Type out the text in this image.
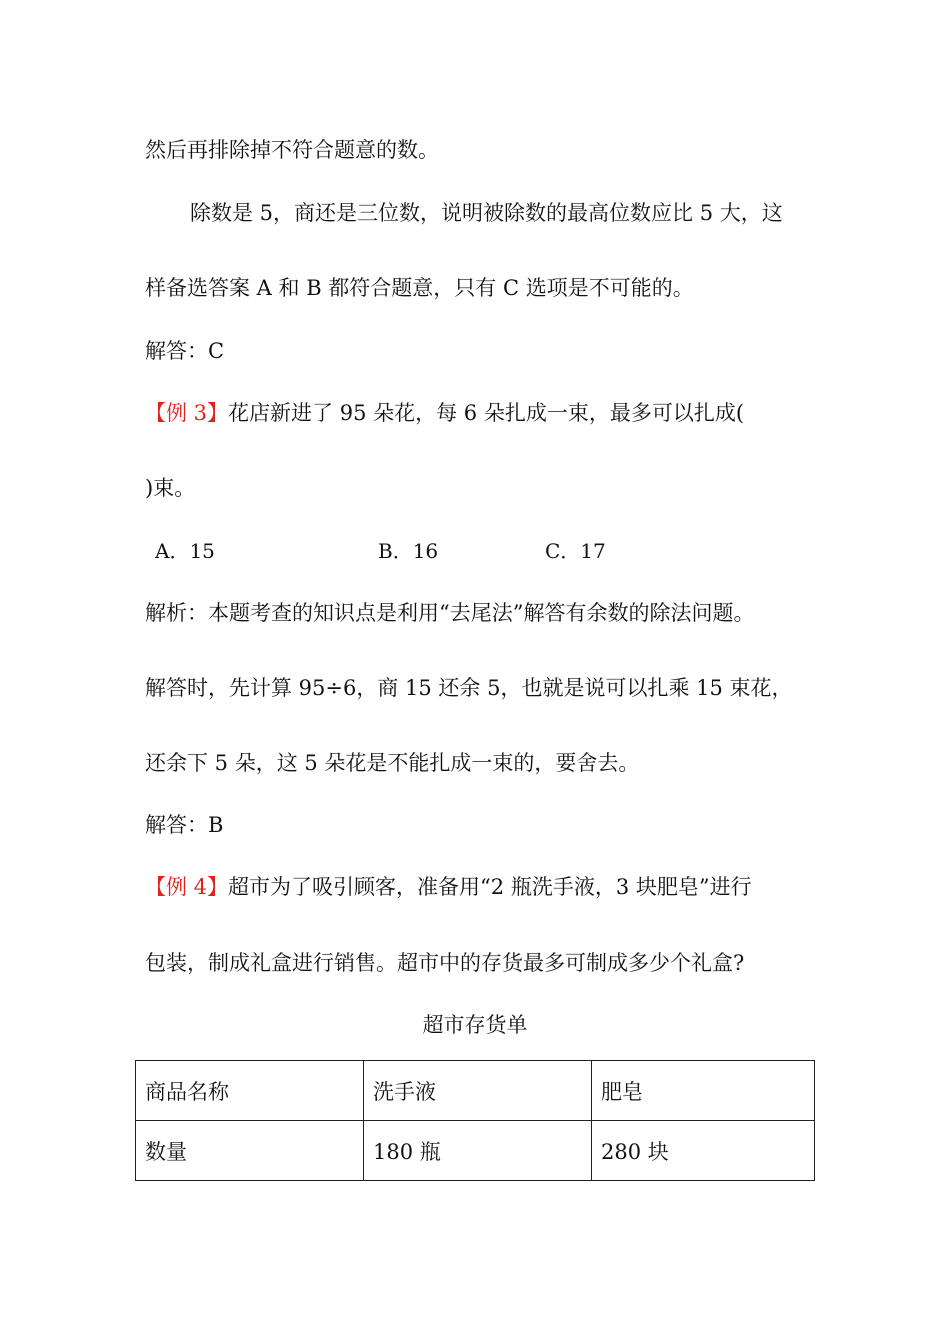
然后再排除掉不符合题意的数。
除数是 5，商还是三位数，说明被除数的最高位数应比 5 大，这
样备选答案 A 和 B 都符合题意，只有 C 选项是不可能的。
解答：C
【例 3】花店新进了 95 朵花，每 6 朵扎成一束，最多可以扎成(
)束。
A．15	B．16	C．17
解析：本题考查的知识点是利用“去尾法”解答有余数的除法问题。
解答时，先计算 95÷6，商 15 还余 5，也就是说可以扎乘 15 束花，
还余下 5 朵，这 5 朵花是不能扎成一束的，要舍去。
解答：B
【例 4】超市为了吸引顾客，准备用“2 瓶洗手液，3 块肥皂”进行
包装，制成礼盒进行销售。超市中的存货最多可制成多少个礼盒?
超市存货单
商品名称	洗手液	肥皂
数量	180 瓶	280 块
